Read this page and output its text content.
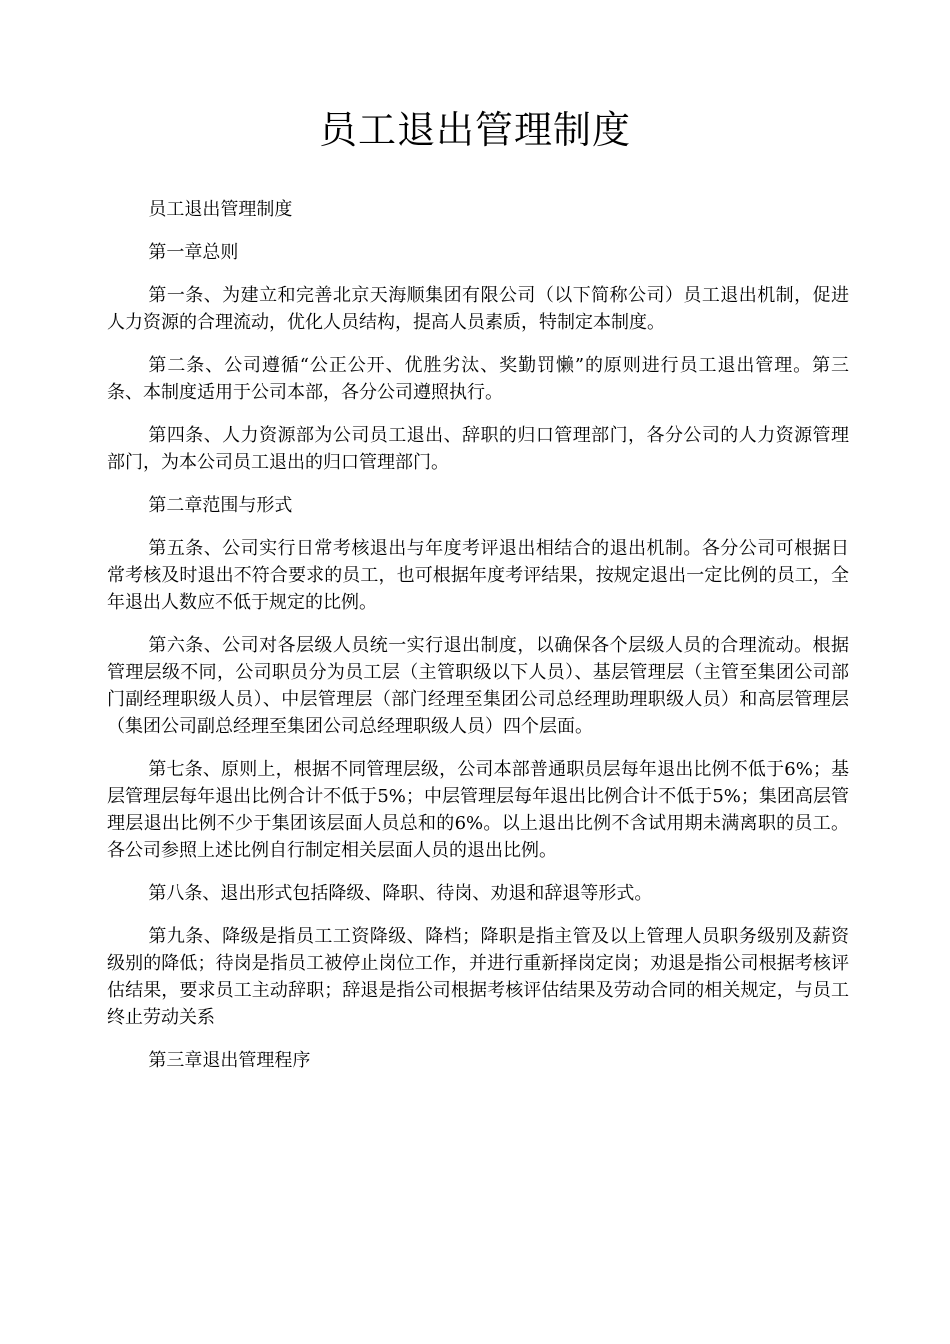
员工退出管理制度

员工退出管理制度

第一章总则

第一条、为建立和完善北京天海顺集团有限公司（以下简称公司）员工退出机制，促进人力资源的合理流动，优化人员结构，提高人员素质，特制定本制度。

第二条、公司遵循“公正公开、优胜劣汰、奖勤罚懒”的原则进行员工退出管理。第三条、本制度适用于公司本部，各分公司遵照执行。

第四条、人力资源部为公司员工退出、辞职的归口管理部门，各分公司的人力资源管理部门，为本公司员工退出的归口管理部门。

第二章范围与形式

第五条、公司实行日常考核退出与年度考评退出相结合的退出机制。各分公司可根据日常考核及时退出不符合要求的员工，也可根据年度考评结果，按规定退出一定比例的员工，全年退出人数应不低于规定的比例。

第六条、公司对各层级人员统一实行退出制度，以确保各个层级人员的合理流动。根据管理层级不同，公司职员分为员工层（主管职级以下人员）、基层管理层（主管至集团公司部门副经理职级人员）、中层管理层（部门经理至集团公司总经理助理职级人员）和高层管理层（集团公司副总经理至集团公司总经理职级人员）四个层面。

第七条、原则上，根据不同管理层级，公司本部普通职员层每年退出比例不低于6%；基层管理层每年退出比例合计不低于5%；中层管理层每年退出比例合计不低于5%；集团高层管理层退出比例不少于集团该层面人员总和的6%。以上退出比例不含试用期未满离职的员工。各公司参照上述比例自行制定相关层面人员的退出比例。

第八条、退出形式包括降级、降职、待岗、劝退和辞退等形式。

第九条、降级是指员工工资降级、降档；降职是指主管及以上管理人员职务级别及薪资级别的降低；待岗是指员工被停止岗位工作，并进行重新择岗定岗；劝退是指公司根据考核评估结果，要求员工主动辞职；辞退是指公司根据考核评估结果及劳动合同的相关规定，与员工终止劳动关系

第三章退出管理程序
